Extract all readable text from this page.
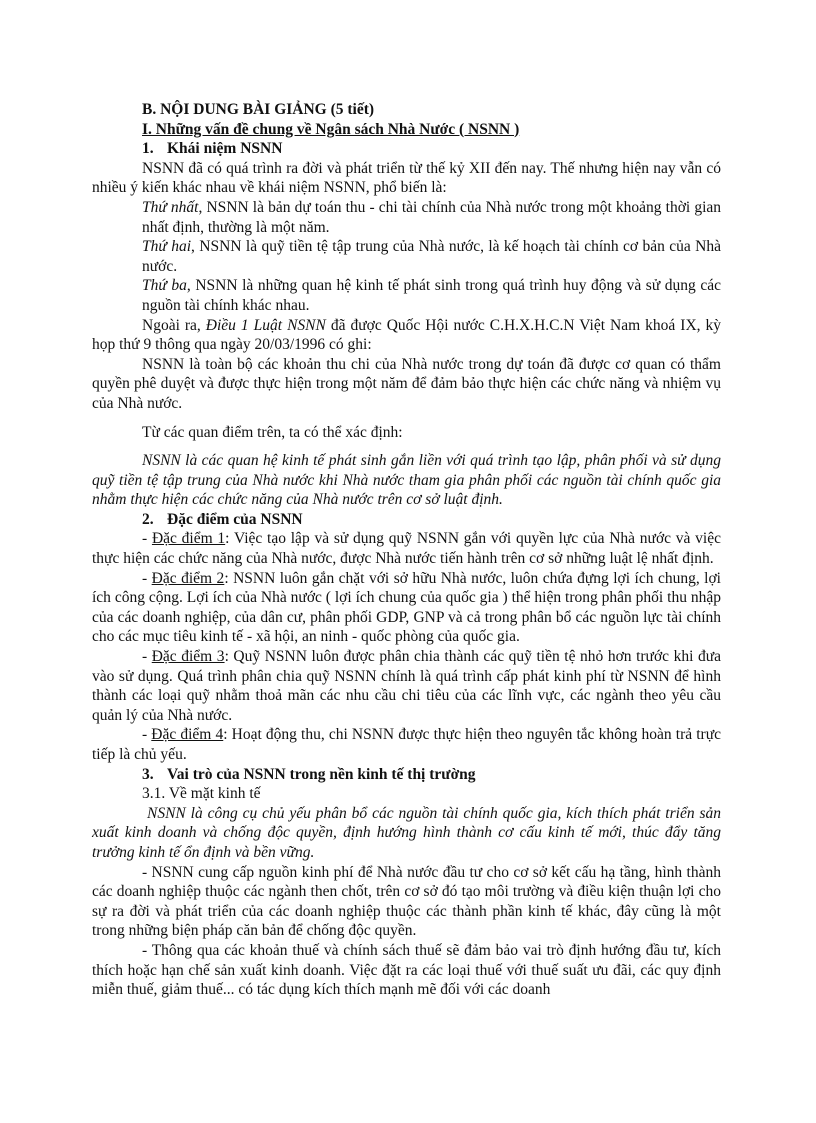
B. NỘI DUNG BÀI GIẢNG (5 tiết)
I. Những vấn đề chung về Ngân sách Nhà Nước ( NSNN )
1. Khái niệm NSNN

NSNN đã có quá trình ra đời và phát triển từ thế kỷ XII đến nay. Thế nhưng hiện nay vẫn có nhiều ý kiến khác nhau về khái niệm NSNN, phổ biến là:

Thứ nhất, NSNN là bản dự toán thu - chi tài chính của Nhà nước trong một khoảng thời gian nhất định, thường là một năm.

Thứ hai, NSNN là quỹ tiền tệ tập trung của Nhà nước, là kế hoạch tài chính cơ bản của Nhà nước.

Thứ ba, NSNN là những quan hệ kinh tế phát sinh trong quá trình huy động và sử dụng các nguồn tài chính khác nhau.

Ngoài ra, Điều 1 Luật NSNN đã được Quốc Hội nước C.H.X.H.C.N Việt Nam khoá IX, kỳ họp thứ 9 thông qua ngày 20/03/1996 có ghi:

NSNN là toàn bộ các khoản thu chi của Nhà nước trong dự toán đã được cơ quan có thẩm quyền phê duyệt và được thực hiện trong một năm để đảm bảo thực hiện các chức năng và nhiệm vụ của Nhà nước.

Từ các quan điểm trên, ta có thể xác định:

NSNN là các quan hệ kinh tế phát sinh gắn liền với quá trình tạo lập, phân phối và sử dụng quỹ tiền tệ tập trung của Nhà nước khi Nhà nước tham gia phân phối các nguồn tài chính quốc gia nhằm thực hiện các chức năng của Nhà nước trên cơ sở luật định.

2. Đặc điểm của NSNN

- Đặc điểm 1: Việc tạo lập và sử dụng quỹ NSNN gắn với quyền lực của Nhà nước và việc thực hiện các chức năng của Nhà nước, được Nhà nước tiến hành trên cơ sở những luật lệ nhất định.

- Đặc điểm 2: NSNN luôn gắn chặt với sở hữu Nhà nước, luôn chứa đựng lợi ích chung, lợi ích công cộng. Lợi ích của Nhà nước ( lợi ích chung của quốc gia ) thể hiện trong phân phối thu nhập của các doanh nghiệp, của dân cư, phân phối GDP, GNP và cả trong phân bổ các nguồn lực tài chính cho các mục tiêu kinh tế - xã hội, an ninh - quốc phòng của quốc gia.

- Đặc điểm 3: Quỹ NSNN luôn được phân chia thành các quỹ tiền tệ nhỏ hơn trước khi đưa vào sử dụng. Quá trình phân chia quỹ NSNN chính là quá trình cấp phát kinh phí từ NSNN để hình thành các loại quỹ nhằm thoả mãn các nhu cầu chi tiêu của các lĩnh vực, các ngành theo yêu cầu quản lý của Nhà nước.

- Đặc điểm 4: Hoạt động thu, chi NSNN được thực hiện theo nguyên tắc không hoàn trả trực tiếp là chủ yếu.

3. Vai trò của NSNN trong nền kinh tế thị trường

3.1. Về mặt kinh tế

NSNN là công cụ chủ yếu phân bổ các nguồn tài chính quốc gia, kích thích phát triển sản xuất kinh doanh và chống độc quyền, định hướng hình thành cơ cấu kinh tế mới, thúc đẩy tăng trưởng kinh tế ổn định và bền vững.

- NSNN cung cấp nguồn kinh phí để Nhà nước đầu tư cho cơ sở kết cấu hạ tầng, hình thành các doanh nghiệp thuộc các ngành then chốt, trên cơ sở đó tạo môi trường và điều kiện thuận lợi cho sự ra đời và phát triển của các doanh nghiệp thuộc các thành phần kinh tế khác, đây cũng là một trong những biện pháp căn bản để chống độc quyền.

- Thông qua các khoản thuế và chính sách thuế sẽ đảm bảo vai trò định hướng đầu tư, kích thích hoặc hạn chế sản xuất kinh doanh. Việc đặt ra các loại thuế với thuế suất ưu đãi, các quy định miễn thuế, giảm thuế... có tác dụng kích thích mạnh mẽ đối với các doanh
